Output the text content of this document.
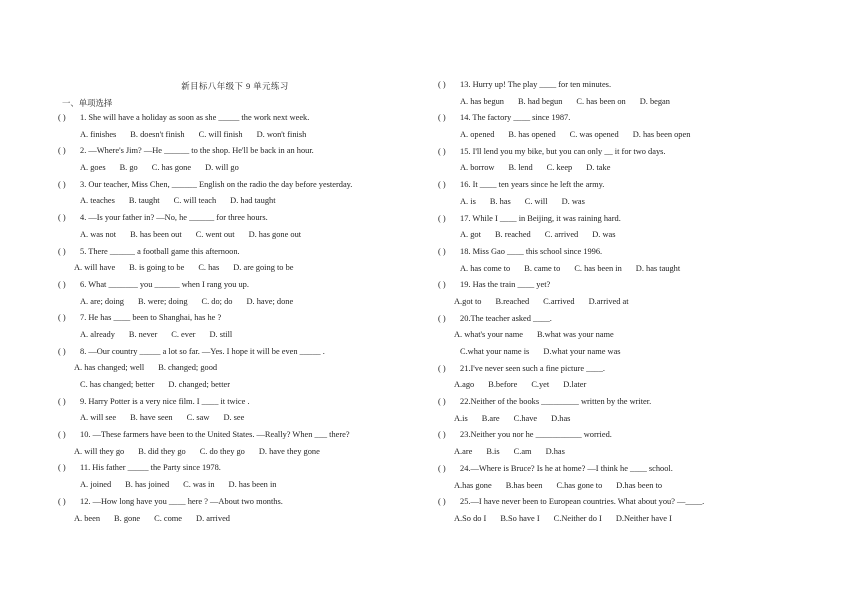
新目标八年级下 9 单元练习
一、单项选择
( ) 1. She will have a holiday as soon as she _____ the work next week.
A. finishes B. doesn't finish C. will finish D. won't finish
( ) 2. —Where's Jim? —He ______ to the shop. He'll be back in an hour.
A. goes B. go C. has gone D. will go
( ) 3. Our teacher, Miss Chen, ______ English on the radio the day before yesterday.
A. teaches B. taught C. will teach D. had taught
( ) 4. —Is your father in? —No, he ______ for three hours.
A. was not B. has been out C. went out D. has gone out
( ) 5. There ______ a football game this afternoon.
A. will have B. is going to be C. has D. are going to be
( ) 6. What _______ you ______ when I rang you up.
A. are; doing B. were; doing C. do; do D. have; done
( ) 7. He has ____ been to Shanghai, has he ?
A. already B. never C. ever D. still
( ) 8. —Our country _____ a lot so far. —Yes. I hope it will be even _____ .
A. has changed; well B. changed; good
C. has changed; better D. changed; better
( ) 9. Harry Potter is a very nice film. I ____ it twice .
A. will see B. have seen C. saw D. see
( ) 10. —These farmers have been to the United States. —Really? When ___ there?
A. will they go B. did they go C. do they go D. have they gone
( ) 11. His father _____ the Party since 1978.
A. joined B. has joined C. was in D. has been in
( ) 12. —How long have you ____ here ? —About two months.
A. been B. gone C. come D. arrived
( ) 13. Hurry up! The play ____ for ten minutes.
A. has begun B. had begun C. has been on D. began
( ) 14. The factory ____ since 1987.
A. opened B. has opened C. was opened D. has been open
( ) 15. I'll lend you my bike, but you can only __ it for two days.
A. borrow B. lend C. keep D. take
( ) 16. It ____ ten years since he left the army.
A. is B. has C. will D. was
( ) 17. While I ____ in Beijing, it was raining hard.
A. got B. reached C. arrived D. was
( ) 18. Miss Gao ____ this school since 1996.
A. has come to B. came to C. has been in D. has taught
( ) 19. Has the train ____ yet?
A.got to B.reached C.arrived D.arrived at
( ) 20.The teacher asked ____.
A. what's your name B.what was your name
C.what your name is D.what your name was
( ) 21.I've never seen such a fine picture ____.
A.ago B.before C.yet D.later
( ) 22.Neither of the books _________ written by the writer.
A.is B.are C.have D.has
( ) 23.Neither you nor he ___________ worried.
A.are B.is C.am D.has
( ) 24.—Where is Bruce? Is he at home? —I think he ____ school.
A.has gone B.has been C.has gone to D.has been to
( ) 25.—I have never been to European countries. What about you? —____.
A.So do I B.So have I C.Neither do I D.Neither have I
